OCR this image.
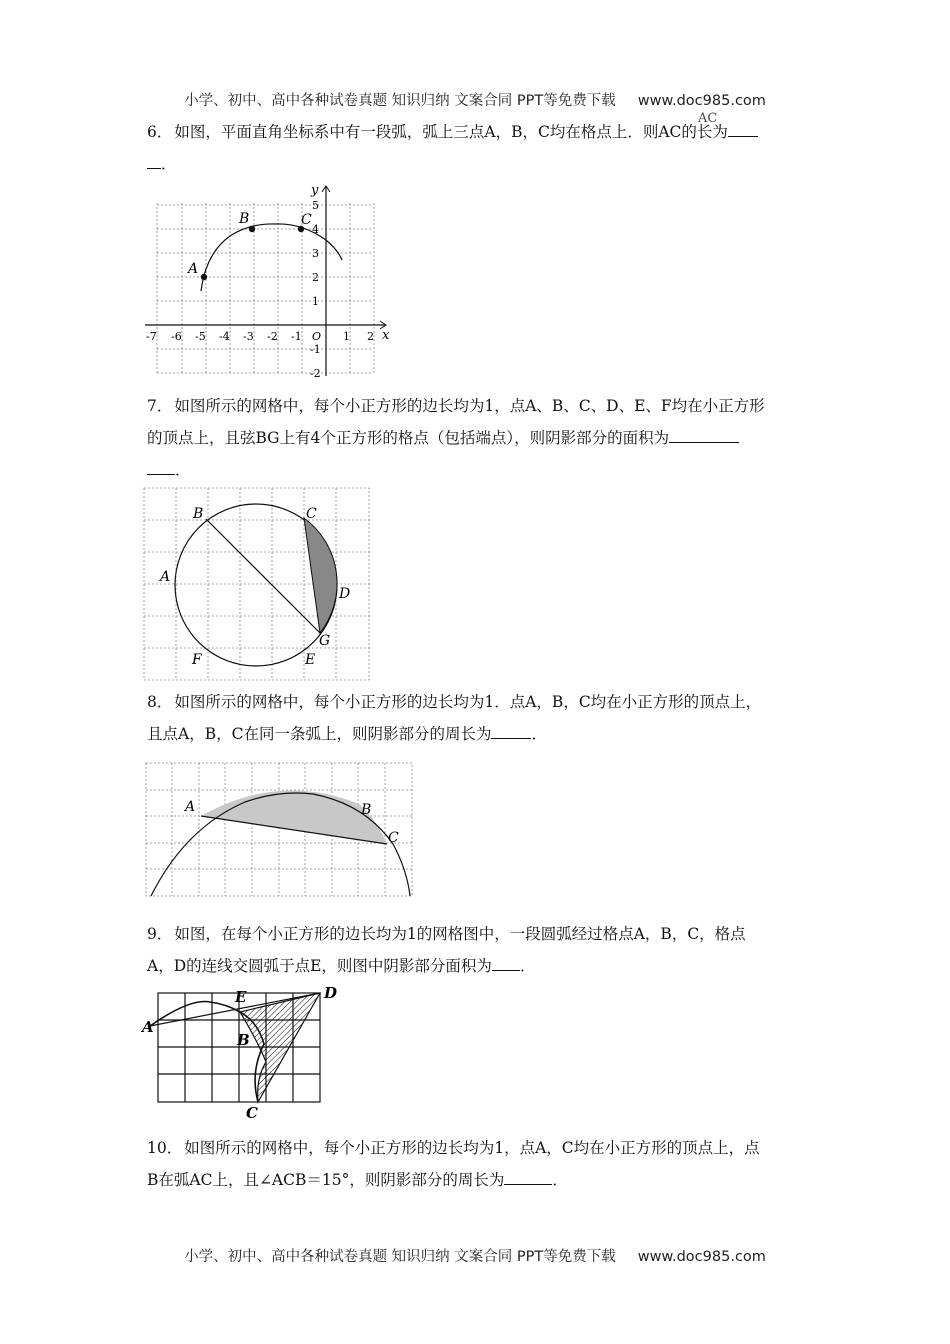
小学、初中、高中各种试卷真题 知识归纳 文案合同 PPT等免费下载 www.doc985.com
6． 如图，平面直角坐标系中有一段弧，弧上三点A，B，C均在格点上．则AC的长为
．
AC
A
B	C
x
y
-7 -6 -5 -4 -3 -2 -1 O 1 2
5
4
3
2
1
-1
-2
7． 如图所示的网格中，每个小正方形的边长均为1，点A、B、C、D、E、F均在小正方形
的顶点上，且弦BG上有4个正方形的格点（包括端点），则阴影部分的面积为
．
B	C
A
D
G
F	E
8． 如图所示的网格中，每个小正方形的边长均为1．点A，B，C均在小正方形的顶点上，
且点A，B，C在同一条弧上，则阴影部分的周长为	．
A	B
C
9． 如图，在每个小正方形的边长均为1的网格图中，一段圆弧经过格点A，B，C，格点
A，D的连线交圆弧于点E，则图中阴影部分面积为 ．
A
E	D
B
C
10． 如图所示的网格中，每个小正方形的边长均为1，点A，C均在小正方形的顶点上，点
B在弧AC上，且∠ACB＝15°，则阴影部分的周长为	．
小学、初中、高中各种试卷真题 知识归纳 文案合同 PPT等免费下载 www.doc985.com
